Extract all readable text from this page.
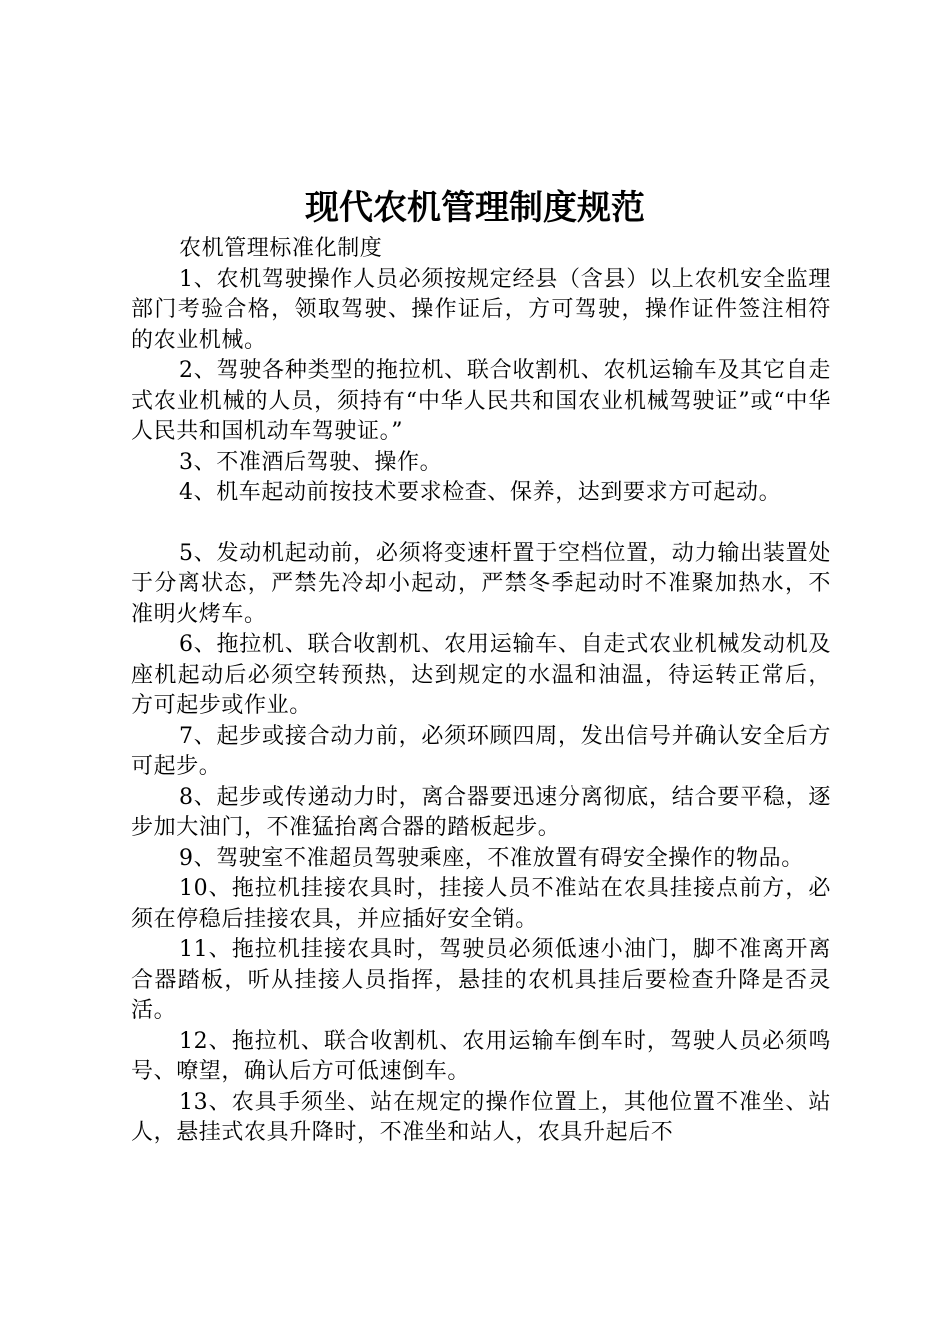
现代农机管理制度规范

农机管理标准化制度

1、农机驾驶操作人员必须按规定经县（含县）以上农机安全监理部门考验合格，领取驾驶、操作证后，方可驾驶，操作证件签注相符的农业机械。

2、驾驶各种类型的拖拉机、联合收割机、农机运输车及其它自走式农业机械的人员，须持有“中华人民共和国农业机械驾驶证”或“中华人民共和国机动车驾驶证。”

3、不准酒后驾驶、操作。

4、机车起动前按技术要求检查、保养，达到要求方可起动。

5、发动机起动前，必须将变速杆置于空档位置，动力输出装置处于分离状态，严禁先冷却小起动，严禁冬季起动时不准聚加热水，不准明火烤车。

6、拖拉机、联合收割机、农用运输车、自走式农业机械发动机及座机起动后必须空转预热，达到规定的水温和油温，待运转正常后，方可起步或作业。

7、起步或接合动力前，必须环顾四周，发出信号并确认安全后方可起步。

8、起步或传递动力时，离合器要迅速分离彻底，结合要平稳，逐步加大油门，不准猛抬离合器的踏板起步。

9、驾驶室不准超员驾驶乘座，不准放置有碍安全操作的物品。

10、拖拉机挂接农具时，挂接人员不准站在农具挂接点前方，必须在停稳后挂接农具，并应插好安全销。

11、拖拉机挂接农具时，驾驶员必须低速小油门，脚不准离开离合器踏板，听从挂接人员指挥，悬挂的农机具挂后要检查升降是否灵活。

12、拖拉机、联合收割机、农用运输车倒车时，驾驶人员必须鸣号、嘹望，确认后方可低速倒车。

13、农具手须坐、站在规定的操作位置上，其他位置不准坐、站人，悬挂式农具升降时，不准坐和站人，农具升起后不
